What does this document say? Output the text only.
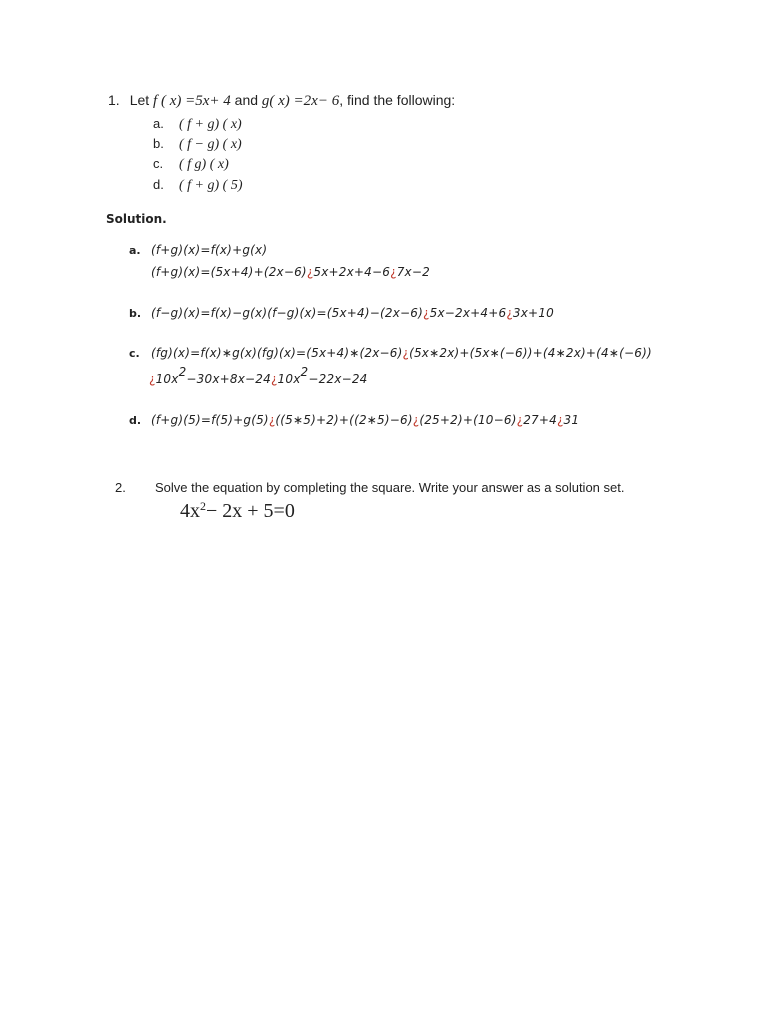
1. Let f ( x) =5x+ 4 and g( x) =2x− 6, find the following:
a. ( f + g) ( x)
b. ( f − g) ( x)
c. ( f g) ( x)
d. ( f + g) ( 5)
Solution.
a. (f+g)(x)=f(x)+g(x)
(f+g)(x)=(5x+4)+(2x−6)¿5x+2x+4−6¿7x−2
b. (f−g)(x)=f(x)−g(x)(f−g)(x)=(5x+4)−(2x−6)¿5x−2x+4+6¿3x+10
c. (fg)(x)=f(x)∗g(x)(fg)(x)=(5x+4)∗(2x−6)¿(5x∗2x)+(5x∗(−6))+(4∗2x)+(4∗(−6))
¿$10x^2-30x+8x-24¿10x^2-22x-24$
d. (f+g)(5)=f(5)+g(5)¿((5∗5)+2)+((2∗5)−6)¿(25+2)+(10−6)¿27+4¿31
2. Solve the equation by completing the square. Write your answer as a solution set.
$4x^2- 2x + 5=0$
